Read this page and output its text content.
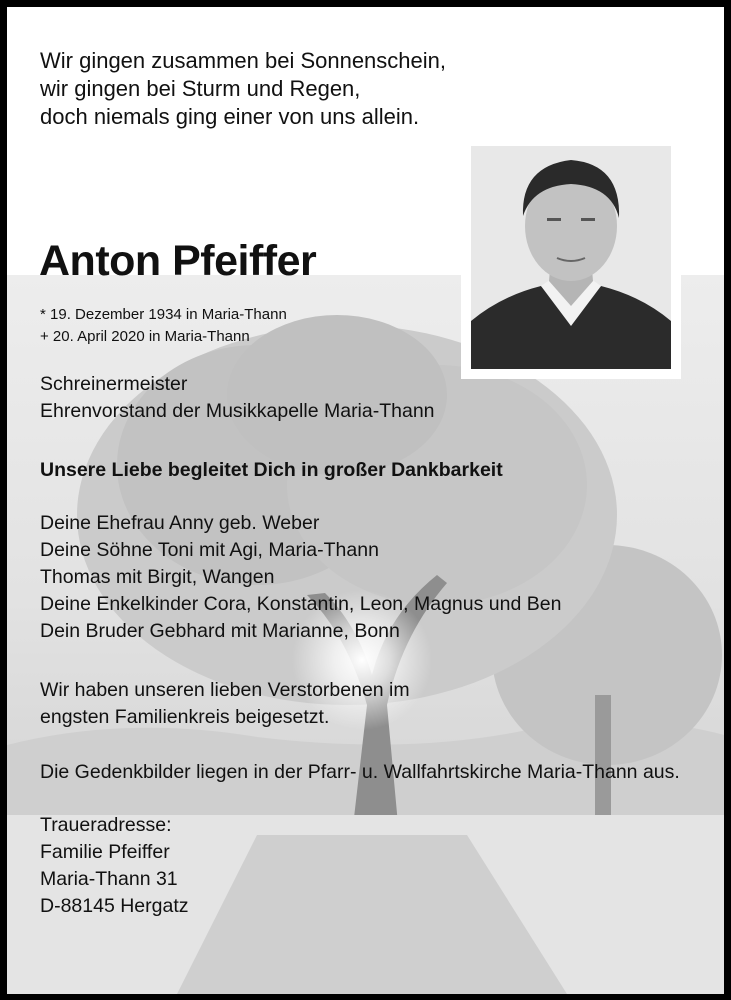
Wir gingen zusammen bei Sonnenschein,
wir gingen bei Sturm und Regen,
doch niemals ging einer von uns allein.
Anton Pfeiffer
* 19. Dezember 1934 in Maria-Thann
+ 20. April 2020 in Maria-Thann
Schreinermeister
Ehrenvorstand der Musikkapelle Maria-Thann
Unsere Liebe begleitet Dich in großer Dankbarkeit
Deine Ehefrau Anny geb. Weber
Deine Söhne Toni mit Agi, Maria-Thann
Thomas mit Birgit, Wangen
Deine Enkelkinder Cora, Konstantin, Leon, Magnus und Ben
Dein Bruder Gebhard mit Marianne, Bonn
Wir haben unseren lieben Verstorbenen im
engsten Familienkreis beigesetzt.
Die Gedenkbilder liegen in der Pfarr- u. Wallfahrtskirche Maria-Thann aus.
Traueradresse:
Familie Pfeiffer
Maria-Thann 31
D-88145 Hergatz
